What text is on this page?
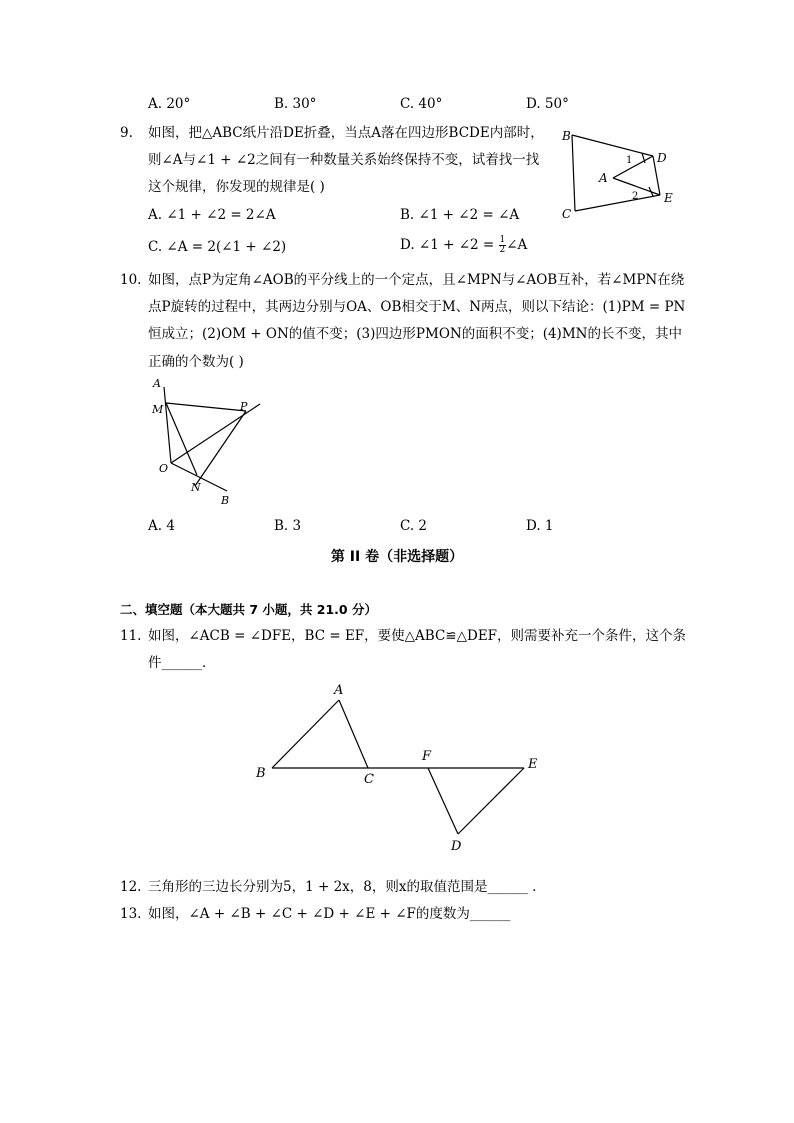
A. 20°	B. 30°	C. 40°	D. 50°
9. 如图，把△ABC纸片沿DE折叠，当点A落在四边形BCDE内部时，
则∠A与∠1 + ∠2之间有一种数量关系始终保持不变，试着找一找
这个规律，你发现的规律是( )
A. ∠1 + ∠2 = 2∠A	B. ∠1 + ∠2 = ∠A
C. ∠A = 2(∠1 + ∠2)	D. ∠1 + ∠2 = $\frac{1}{2}$ ∠A
B
C
D
E
A
1
2
10. 如图，点P为定角∠AOB的平分线上的一个定点，且∠MPN与∠AOB互补，若∠MPN在绕
点P旋转的过程中，其两边分别与OA、OB相交于M、N两点，则以下结论：(1)PM = PN
恒成立；(2)OM + ON的值不变；(3)四边形PMON的面积不变；(4)MN的长不变，其中
正确的个数为( )
A
M	P
O
N
B
A. 4	B. 3	C. 2	D. 1
第 II 卷（非选择题）
二、填空题（本大题共 7 小题，共 21.0 分）
11. 如图，∠ACB = ∠DFE，BC = EF，要使△ABC≌△DEF，则需要补充一个条件，这个条
件______．
A
B	C
F
E
D
12. 三角形的三边长分别为5，1 + 2x，8，则x的取值范围是______ ．
13. 如图，∠A + ∠B + ∠C + ∠D + ∠E + ∠F的度数为______
